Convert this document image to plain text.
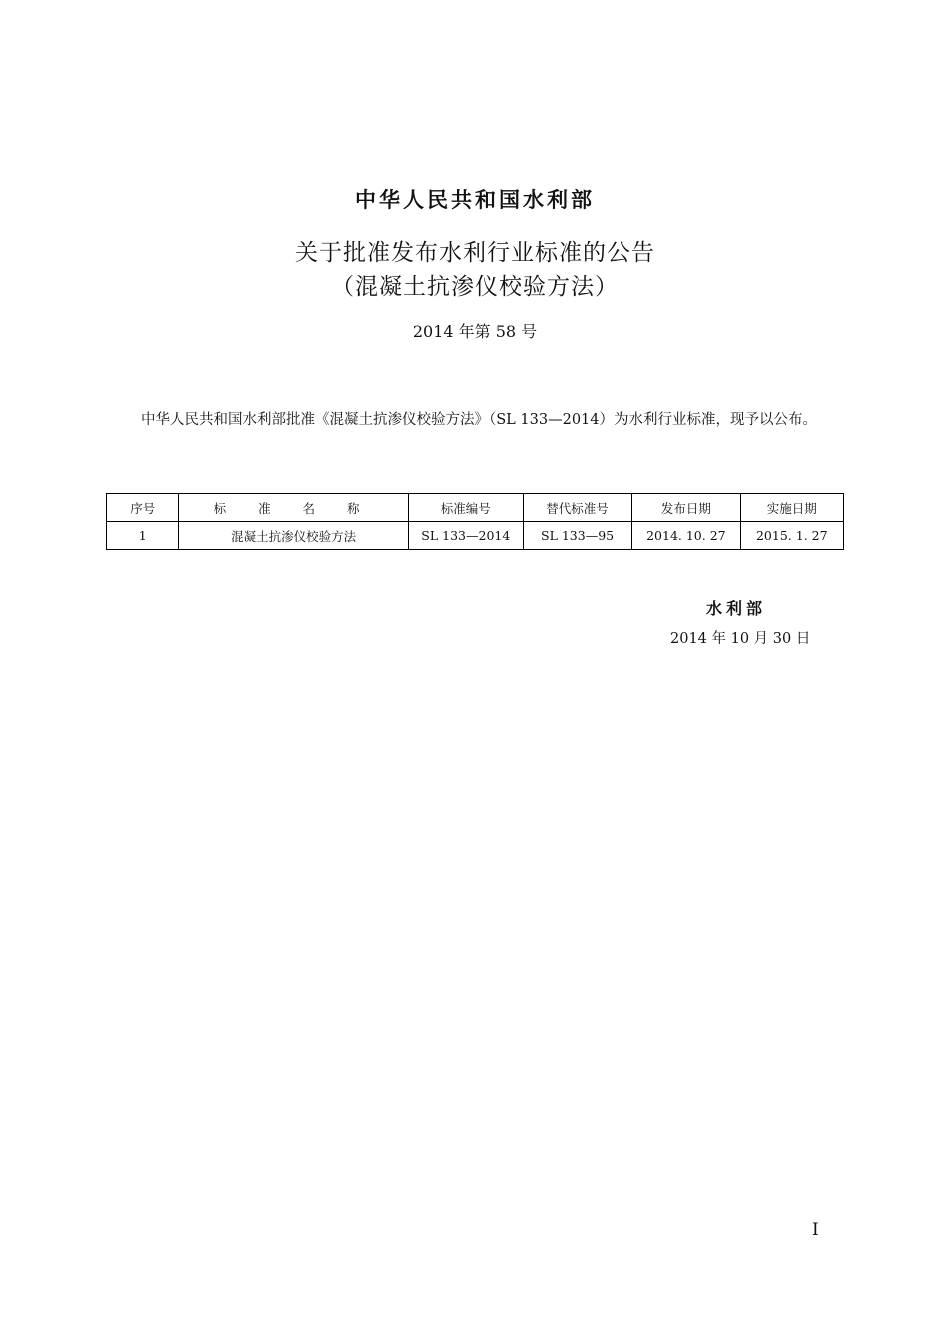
中华人民共和国水利部
关于批准发布水利行业标准的公告
（混凝土抗渗仪校验方法）
2014 年第 58 号

中华人民共和国水利部批准《混凝土抗渗仪校验方法》（SL 133—2014）为水利行业标准，现予以公布。

序号	标 准 名 称	标准编号	替代标准号	发布日期	实施日期
1	混凝土抗渗仪校验方法	SL 133—2014	SL 133—95	2014. 10. 27	2015. 1. 27
水利部
2014 年 10 月 30 日
I
